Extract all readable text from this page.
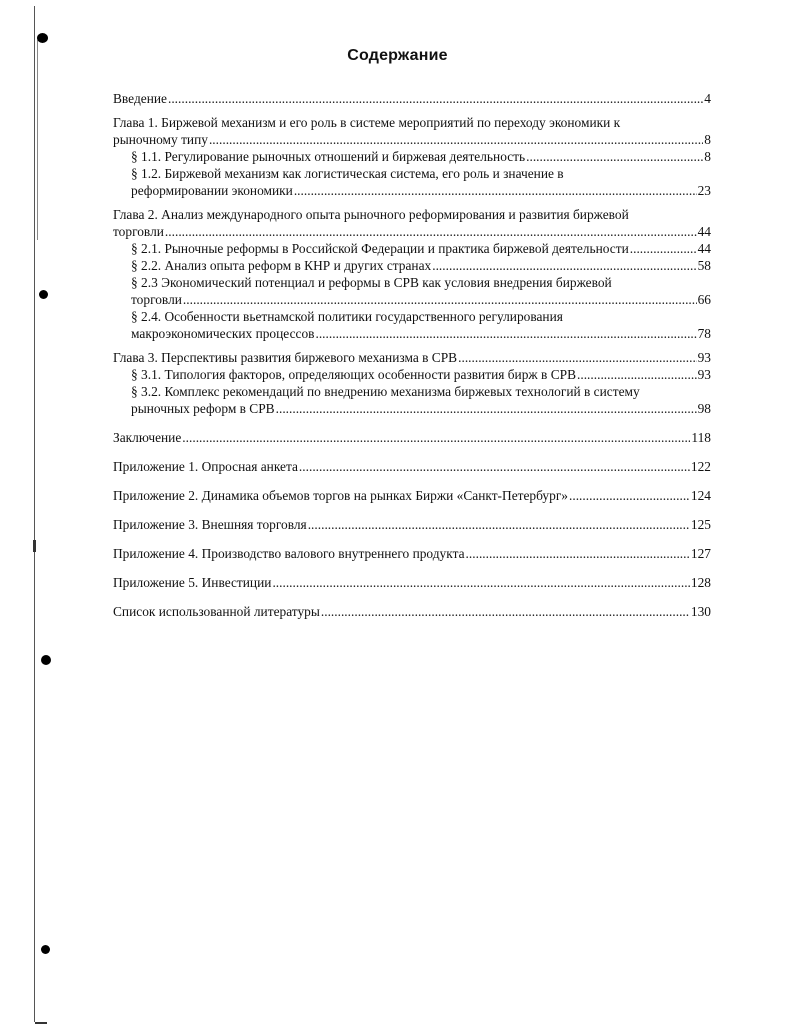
Содержание
Введение .....	4
Глава 1. Биржевой механизм и его роль в системе мероприятий по переходу экономики к
рыночному типу .....	8
§ 1.1. Регулирование рыночных отношений и биржевая деятельность .....	8
§ 1.2. Биржевой механизм как логистическая система, его роль и значение в
реформировании экономики .....	23
Глава 2. Анализ международного опыта рыночного реформирования и развития биржевой
торговли .....	44
§ 2.1. Рыночные реформы в Российской Федерации и практика биржевой деятельности .....	44
§ 2.2. Анализ опыта реформ в КНР и других странах .....	58
§ 2.3 Экономический потенциал и реформы в СРВ как условия внедрения биржевой
торговли .....	66
§ 2.4. Особенности вьетнамской политики государственного регулирования
макроэкономических процессов .....	78
Глава 3. Перспективы развития биржевого механизма в СРВ .....	93
§ 3.1. Типология факторов, определяющих особенности развития бирж в СРВ .....	93
§ 3.2. Комплекс рекомендаций по внедрению механизма биржевых технологий в систему
рыночных реформ в СРВ .....	98
Заключение .....	118
Приложение 1. Опросная анкета .....	122
Приложение 2. Динамика объемов торгов на рынках Биржи «Санкт-Петербург» .....	124
Приложение 3. Внешняя торговля .....	125
Приложение 4. Производство валового внутреннего продукта .....	127
Приложение 5. Инвестиции .....	128
Список использованной литературы .....	130
